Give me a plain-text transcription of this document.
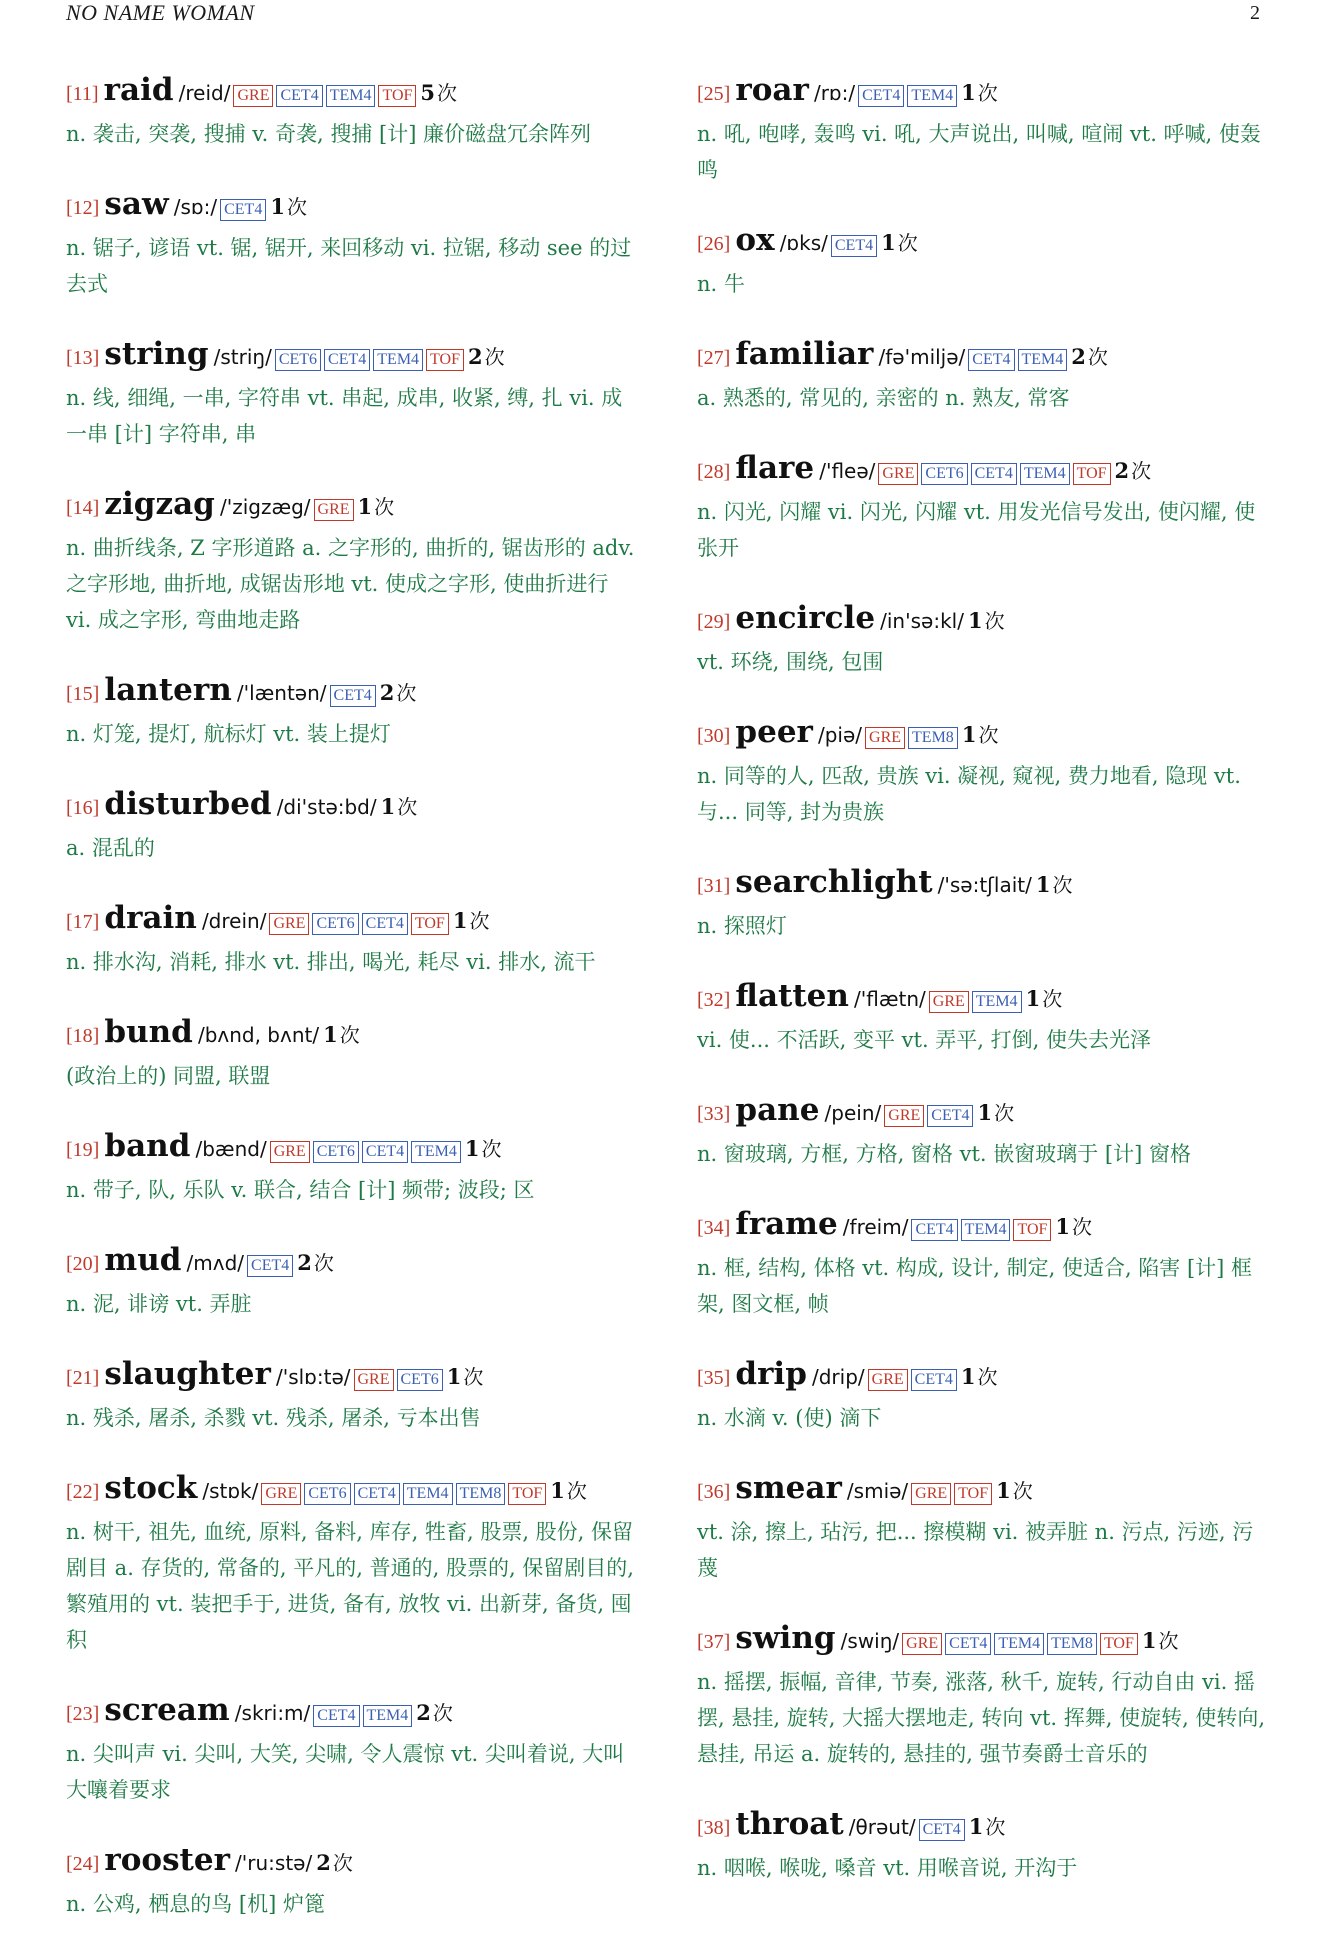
NO NAME WOMAN	2
[11] raid /reid/ GRE CET4 TEM4 TOF 5 次
n. 袭击, 突袭, 搜捕 v. 奇袭, 搜捕 [计] 廉价磁盘冗余阵列
[12] saw /sɒ:/ CET4 1 次
n. 锯子, 谚语 vt. 锯, 锯开, 来回移动 vi. 拉锯, 移动 see 的过去式
[13] string /striŋ/ CET6 CET4 TEM4 TOF 2 次
n. 线, 细绳, 一串, 字符串 vt. 串起, 成串, 收紧, 缚, 扎 vi. 成一串 [计] 字符串, 串
[14] zigzag /'zigzæg/ GRE 1 次
n. 曲折线条, Z 字形道路 a. 之字形的, 曲折的, 锯齿形的 adv. 之字形地, 曲折地, 成锯齿形地 vt. 使成之字形, 使曲折进行 vi. 成之字形, 弯曲地走路
[15] lantern /'læntən/ CET4 2 次
n. 灯笼, 提灯, 航标灯 vt. 装上提灯
[16] disturbed /di'stə:bd/ 1 次
a. 混乱的
[17] drain /drein/ GRE CET6 CET4 TOF 1 次
n. 排水沟, 消耗, 排水 vt. 排出, 喝光, 耗尽 vi. 排水, 流干
[18] bund /bʌnd, bʌnt/ 1 次
(政治上的) 同盟, 联盟
[19] band /bænd/ GRE CET6 CET4 TEM4 1 次
n. 带子, 队, 乐队 v. 联合, 结合 [计] 频带; 波段; 区
[20] mud /mʌd/ CET4 2 次
n. 泥, 诽谤 vt. 弄脏
[21] slaughter /'slɒ:tə/ GRE CET6 1 次
n. 残杀, 屠杀, 杀戮 vt. 残杀, 屠杀, 亏本出售
[22] stock /stɒk/ GRE CET6 CET4 TEM4 TEM8 TOF 1 次
n. 树干, 祖先, 血统, 原料, 备料, 库存, 牲畜, 股票, 股份, 保留剧目 a. 存货的, 常备的, 平凡的, 普通的, 股票的, 保留剧目的, 繁殖用的 vt. 装把手于, 进货, 备有, 放牧 vi. 出新芽, 备货, 囤积
[23] scream /skri:m/ CET4 TEM4 2 次
n. 尖叫声 vi. 尖叫, 大笑, 尖啸, 令人震惊 vt. 尖叫着说, 大叫大嚷着要求
[24] rooster /'ru:stə/ 2 次
n. 公鸡, 栖息的鸟 [机] 炉篦
[25] roar /rɒ:/ CET4 TEM4 1 次
n. 吼, 咆哮, 轰鸣 vi. 吼, 大声说出, 叫喊, 喧闹 vt. 呼喊, 使轰鸣
[26] ox /ɒks/ CET4 1 次
n. 牛
[27] familiar /fə'miljə/ CET4 TEM4 2 次
a. 熟悉的, 常见的, 亲密的 n. 熟友, 常客
[28] flare /'fleə/ GRE CET6 CET4 TEM4 TOF 2 次
n. 闪光, 闪耀 vi. 闪光, 闪耀 vt. 用发光信号发出, 使闪耀, 使张开
[29] encircle /in'sə:kl/ 1 次
vt. 环绕, 围绕, 包围
[30] peer /piə/ GRE TEM8 1 次
n. 同等的人, 匹敌, 贵族 vi. 凝视, 窥视, 费力地看, 隐现 vt. 与... 同等, 封为贵族
[31] searchlight /'sə:tʃlait/ 1 次
n. 探照灯
[32] flatten /'flætn/ GRE TEM4 1 次
vi. 使... 不活跃, 变平 vt. 弄平, 打倒, 使失去光泽
[33] pane /pein/ GRE CET4 1 次
n. 窗玻璃, 方框, 方格, 窗格 vt. 嵌窗玻璃于 [计] 窗格
[34] frame /freim/ CET4 TEM4 TOF 1 次
n. 框, 结构, 体格 vt. 构成, 设计, 制定, 使适合, 陷害 [计] 框架, 图文框, 帧
[35] drip /drip/ GRE CET4 1 次
n. 水滴 v. (使) 滴下
[36] smear /smiə/ GRE TOF 1 次
vt. 涂, 擦上, 玷污, 把... 擦模糊 vi. 被弄脏 n. 污点, 污迹, 污蔑
[37] swing /swiŋ/ GRE CET4 TEM4 TEM8 TOF 1 次
n. 摇摆, 振幅, 音律, 节奏, 涨落, 秋千, 旋转, 行动自由 vi. 摇摆, 悬挂, 旋转, 大摇大摆地走, 转向 vt. 挥舞, 使旋转, 使转向, 悬挂, 吊运 a. 旋转的, 悬挂的, 强节奏爵士音乐的
[38] throat /θrəut/ CET4 1 次
n. 咽喉, 喉咙, 嗓音 vt. 用喉音说, 开沟于
